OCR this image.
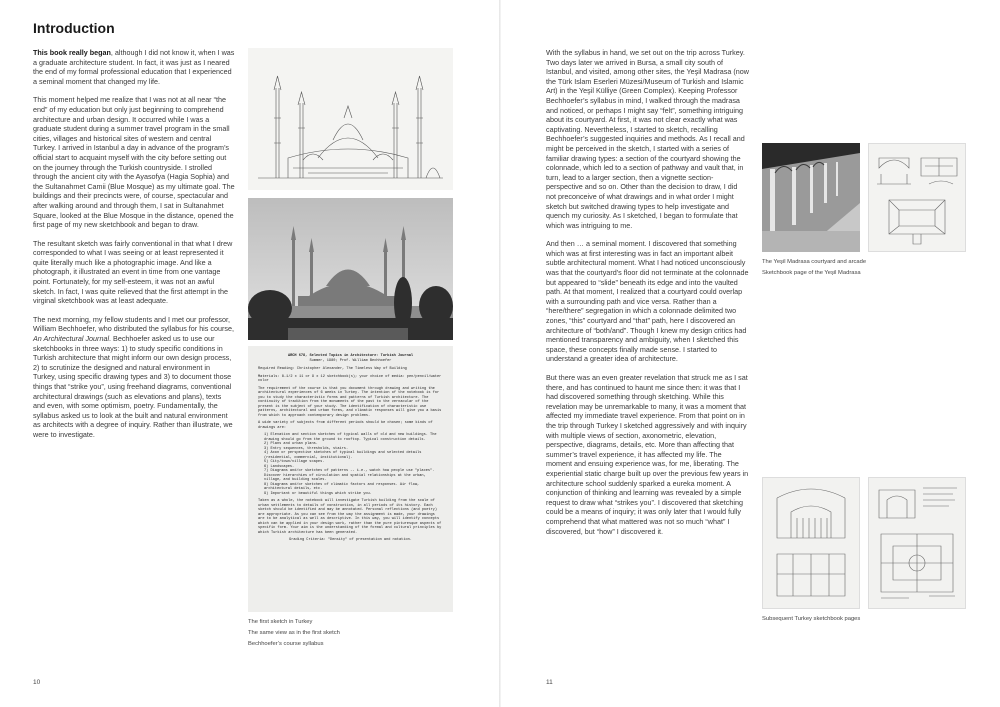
Introduction

This book really began, although I did not know it, when I was a graduate architecture student. In fact, it was just as I neared the end of my formal professional education that I experienced a seminal moment that changed my life.

This moment helped me realize that I was not at all near “the end” of my education but only just beginning to comprehend architecture and urban design. It occurred while I was a graduate student during a summer travel program in the small cities, villages and historical sites of western and central Turkey. I arrived in Istanbul a day in advance of the program’s official start to acquaint myself with the city before setting out on the journey through the Turkish countryside. I strolled through the ancient city with the Ayasofya (Hagia Sophia) and the Sultanahmet Camii (Blue Mosque) as my ultimate goal. The buildings and their precincts were, of course, spectacular and after walking around and through them, I sat in Sultanahmet Square, looked at the Blue Mosque in the distance, opened the first page of my new sketchbook and began to draw.

The resultant sketch was fairly conventional in that what I drew corresponded to what I was seeing or at least represented it quite literally much like a photographic image. And like a photograph, it illustrated an event in time from one vantage point. Fortunately, for my self-esteem, it was not an awful sketch. In fact, I was quite relieved that the first attempt in the virginal sketchbook was at least adequate.

The next morning, my fellow students and I met our professor, William Bechhoefer, who distributed the syllabus for his course, An Architectural Journal. Bechhoefer asked us to use our sketchbooks in three ways: 1) to study specific conditions in Turkish architecture that might inform our own design process, 2) to scrutinize the designed and natural environment in Turkey, using specific drawing types and 3) to document those things that “strike you”, using freehand diagrams, conventional architectural drawings (such as elevations and plans), texts and even, with some optimism, poetry. Fundamentally, the syllabus asked us to look at the built and natural environment as architects with a degree of inquiry. Rather than illustrate, we were to investigate.

ARCH 678, Selected Topics in Architecture: Turkish Journal
Summer, 1980; Prof. William Bechhoefer

Required Reading: Christopher Alexander, The Timeless Way of Building

Materials: 8-1/2 x 11 or 9 x 12 sketchbook(s); your choice of media: pen/pencil/water color

The requirement of the course is that you document through drawing and writing the architectural experiences of 6 weeks in Turkey. The intention of the notebook is for you to study the characteristic forms and patterns of Turkish architecture. The continuity of tradition from the monuments of the past to the vernacular of the present is the subject of your study. The identification of characteristic use patterns, architectural and urban forms, and climatic responses will give you a basis from which to approach contemporary design problems.

A wide variety of subjects from different periods should be chosen; some kinds of drawings are:

1) Elevation and section sketches of typical walls of old and new buildings. The drawing should go from the ground to rooftop. Typical construction details.
2) Plans and urban plans.
3) Entry sequences, thresholds, stairs.
4) Axon or perspective sketches of typical buildings and selected details (residential, commercial, institutional).
5) City/town/village scapes.
6) Landscapes.
7) Diagrams and/or sketches of patterns -- i.e., watch how people use "places". Discover hierarchies of circulation and spatial relationships at the urban, village, and building scales.
8) Diagrams and/or sketches of climatic factors and responses. Air flow, architectural details, etc.
9) Important or beautiful things which strike you.

Taken as a whole, the notebook will investigate Turkish building from the scale of urban settlements to details of construction, in all periods of its history. Each sketch should be identified and may be annotated. Personal reflections (and poetry) are appropriate. As you can see from the way the assignment is made, your drawings are to be analytical as well as descriptive. In this way, you will identify concepts which can be applied in your design work, rather than the pure picturesque aspects of specific form. Your aim is the understanding of the formal and cultural principles by which Turkish architecture has been generated.

Grading Criteria: "Density" of presentation and notation.

The first sketch in Turkey
The same view as in the first sketch
Bechhoefer’s course syllabus
10

With the syllabus in hand, we set out on the trip across Turkey. Two days later we arrived in Bursa, a small city south of Istanbul, and visited, among other sites, the Yeşil Madrasa (now the Türk Islam Eserleri Müzesi/Museum of Turkish and Islamic Art) in the Yeşil Külliye (Green Complex). Keeping Professor Bechhoefer’s syllabus in mind, I walked through the madrasa and noticed, or perhaps I might say “felt”, something intriguing about its courtyard. At first, it was not clear exactly what was captivating. Nevertheless, I started to sketch, recalling Bechhoefer’s suggested inquiries and methods. As I recall and might be perceived in the sketch, I started with a series of familiar drawing types: a section of the courtyard showing the colonnade, which led to a section of pathway and vault that, in turn, lead to a larger section, then a vignette section-perspective and so on. Other than the decision to draw, I did not preconceive of what drawings and in what order I might sketch but switched drawing types to help investigate and quench my curiosity. As I sketched, I began to formulate that which was intriguing to me.

And then … a seminal moment. I discovered that something which was at first interesting was in fact an important albeit subtle architectural moment. What I had noticed unconsciously was that the courtyard’s floor did not terminate at the colonnade but appeared to “slide” beneath its edge and into the vaulted path. At that moment, I realized that a courtyard could overlap with a surrounding path and vice versa. Rather than a “here/there” segregation in which a colonnade delimited two zones, “this” courtyard and “that” path, here I discovered an architecture of “both/and”. Though I knew my design critics had mentioned transparency and ambiguity, when I sketched this space, these concepts finally made sense. I started to understand a greater idea of architecture.

But there was an even greater revelation that struck me as I sat there, and has continued to haunt me since then: it was that I had discovered something through sketching. While this revelation may be unremarkable to many, it was a moment that affected my immediate travel experience. From that point on in the trip through Turkey I sketched aggressively and with inquiry with multiple views of section, axonometric, elevation, perspective, diagrams, details, etc. More than affecting that summer’s travel experience, it has affected my life. The moment and ensuing experience was, for me, liberating. The experiential static charge built up over the previous few years in architecture school suddenly sparked a eureka moment. A conjunction of thinking and learning was revealed by a simple request to draw what “strikes you”. I discovered that sketching could be a means of inquiry; it was only later that I would fully comprehend that what mattered was not so much “what” I discovered, but “how” I discovered it.

The Yeşil Madrasa courtyard and arcade
Sketchbook page of the Yeşil Madrasa
Subsequent Turkey sketchbook pages
11
